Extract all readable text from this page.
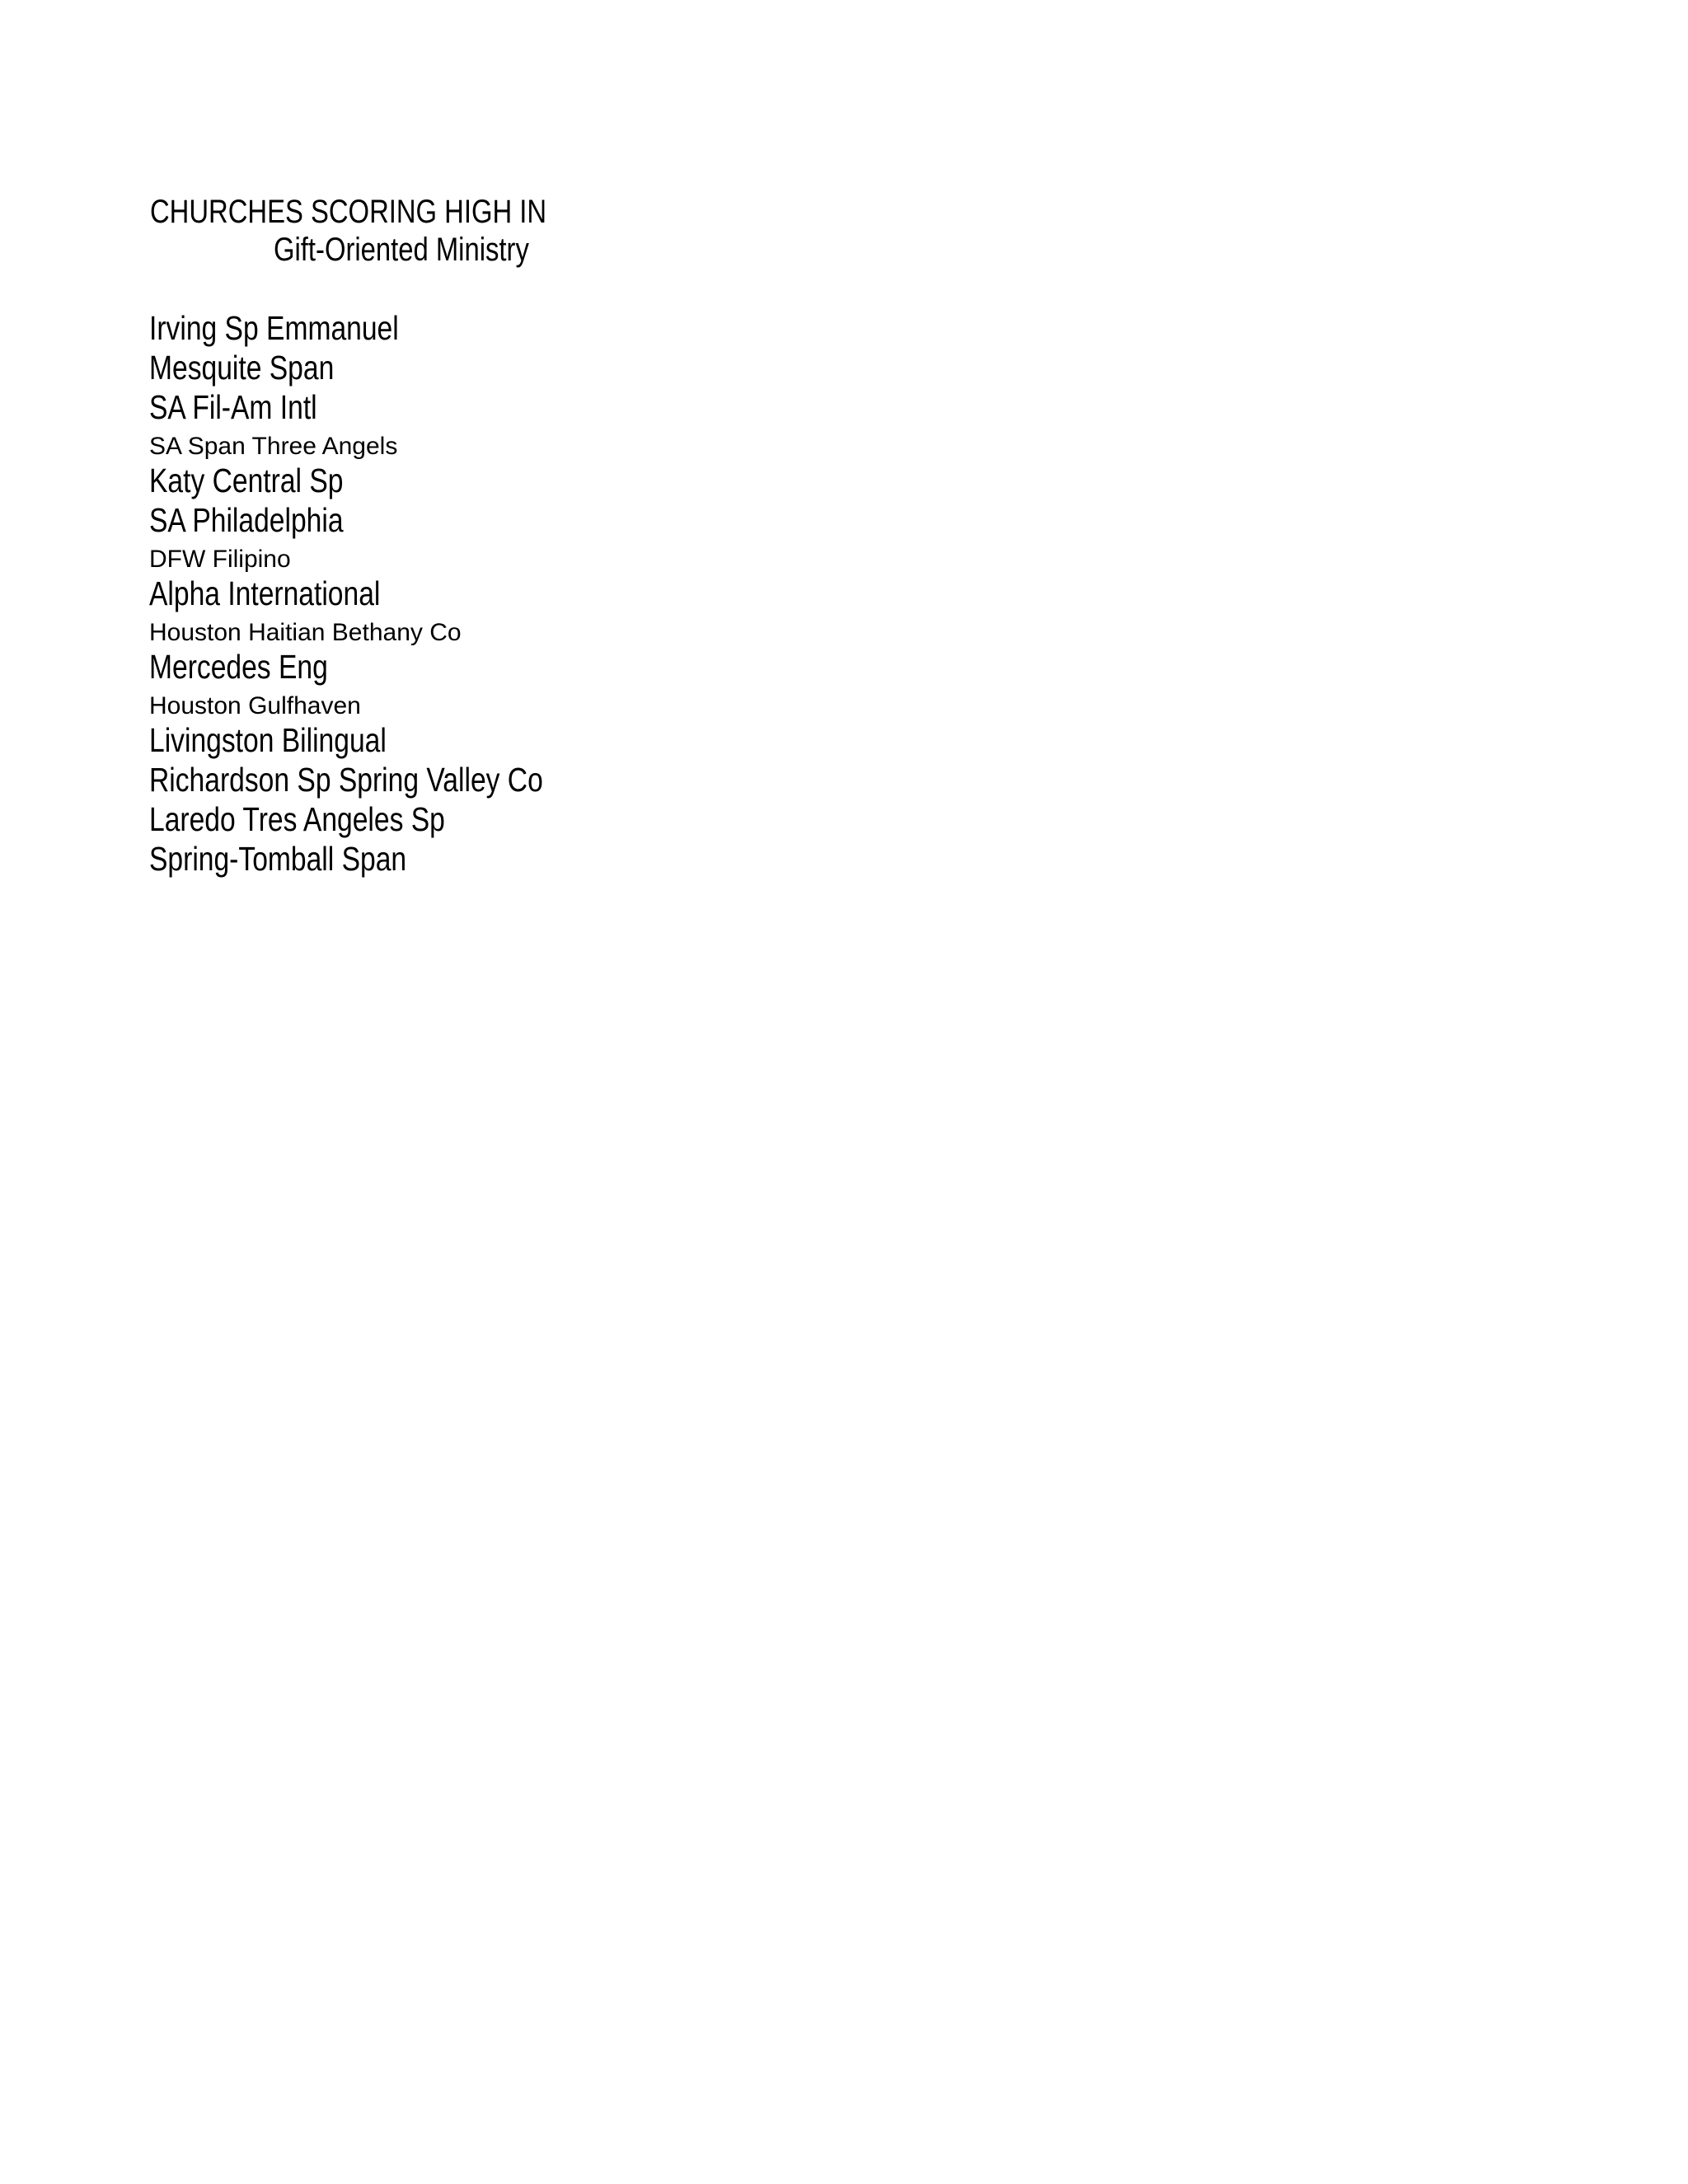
CHURCHES SCORING HIGH IN
Gift-Oriented Ministry
Irving Sp Emmanuel
Mesquite Span
SA Fil-Am Intl
SA Span Three Angels
Katy Central Sp
SA Philadelphia
DFW Filipino
Alpha International
Houston Haitian Bethany Co
Mercedes Eng
Houston Gulfhaven
Livingston Bilingual
Richardson Sp Spring Valley Co
Laredo Tres Angeles Sp
Spring-Tomball Span
